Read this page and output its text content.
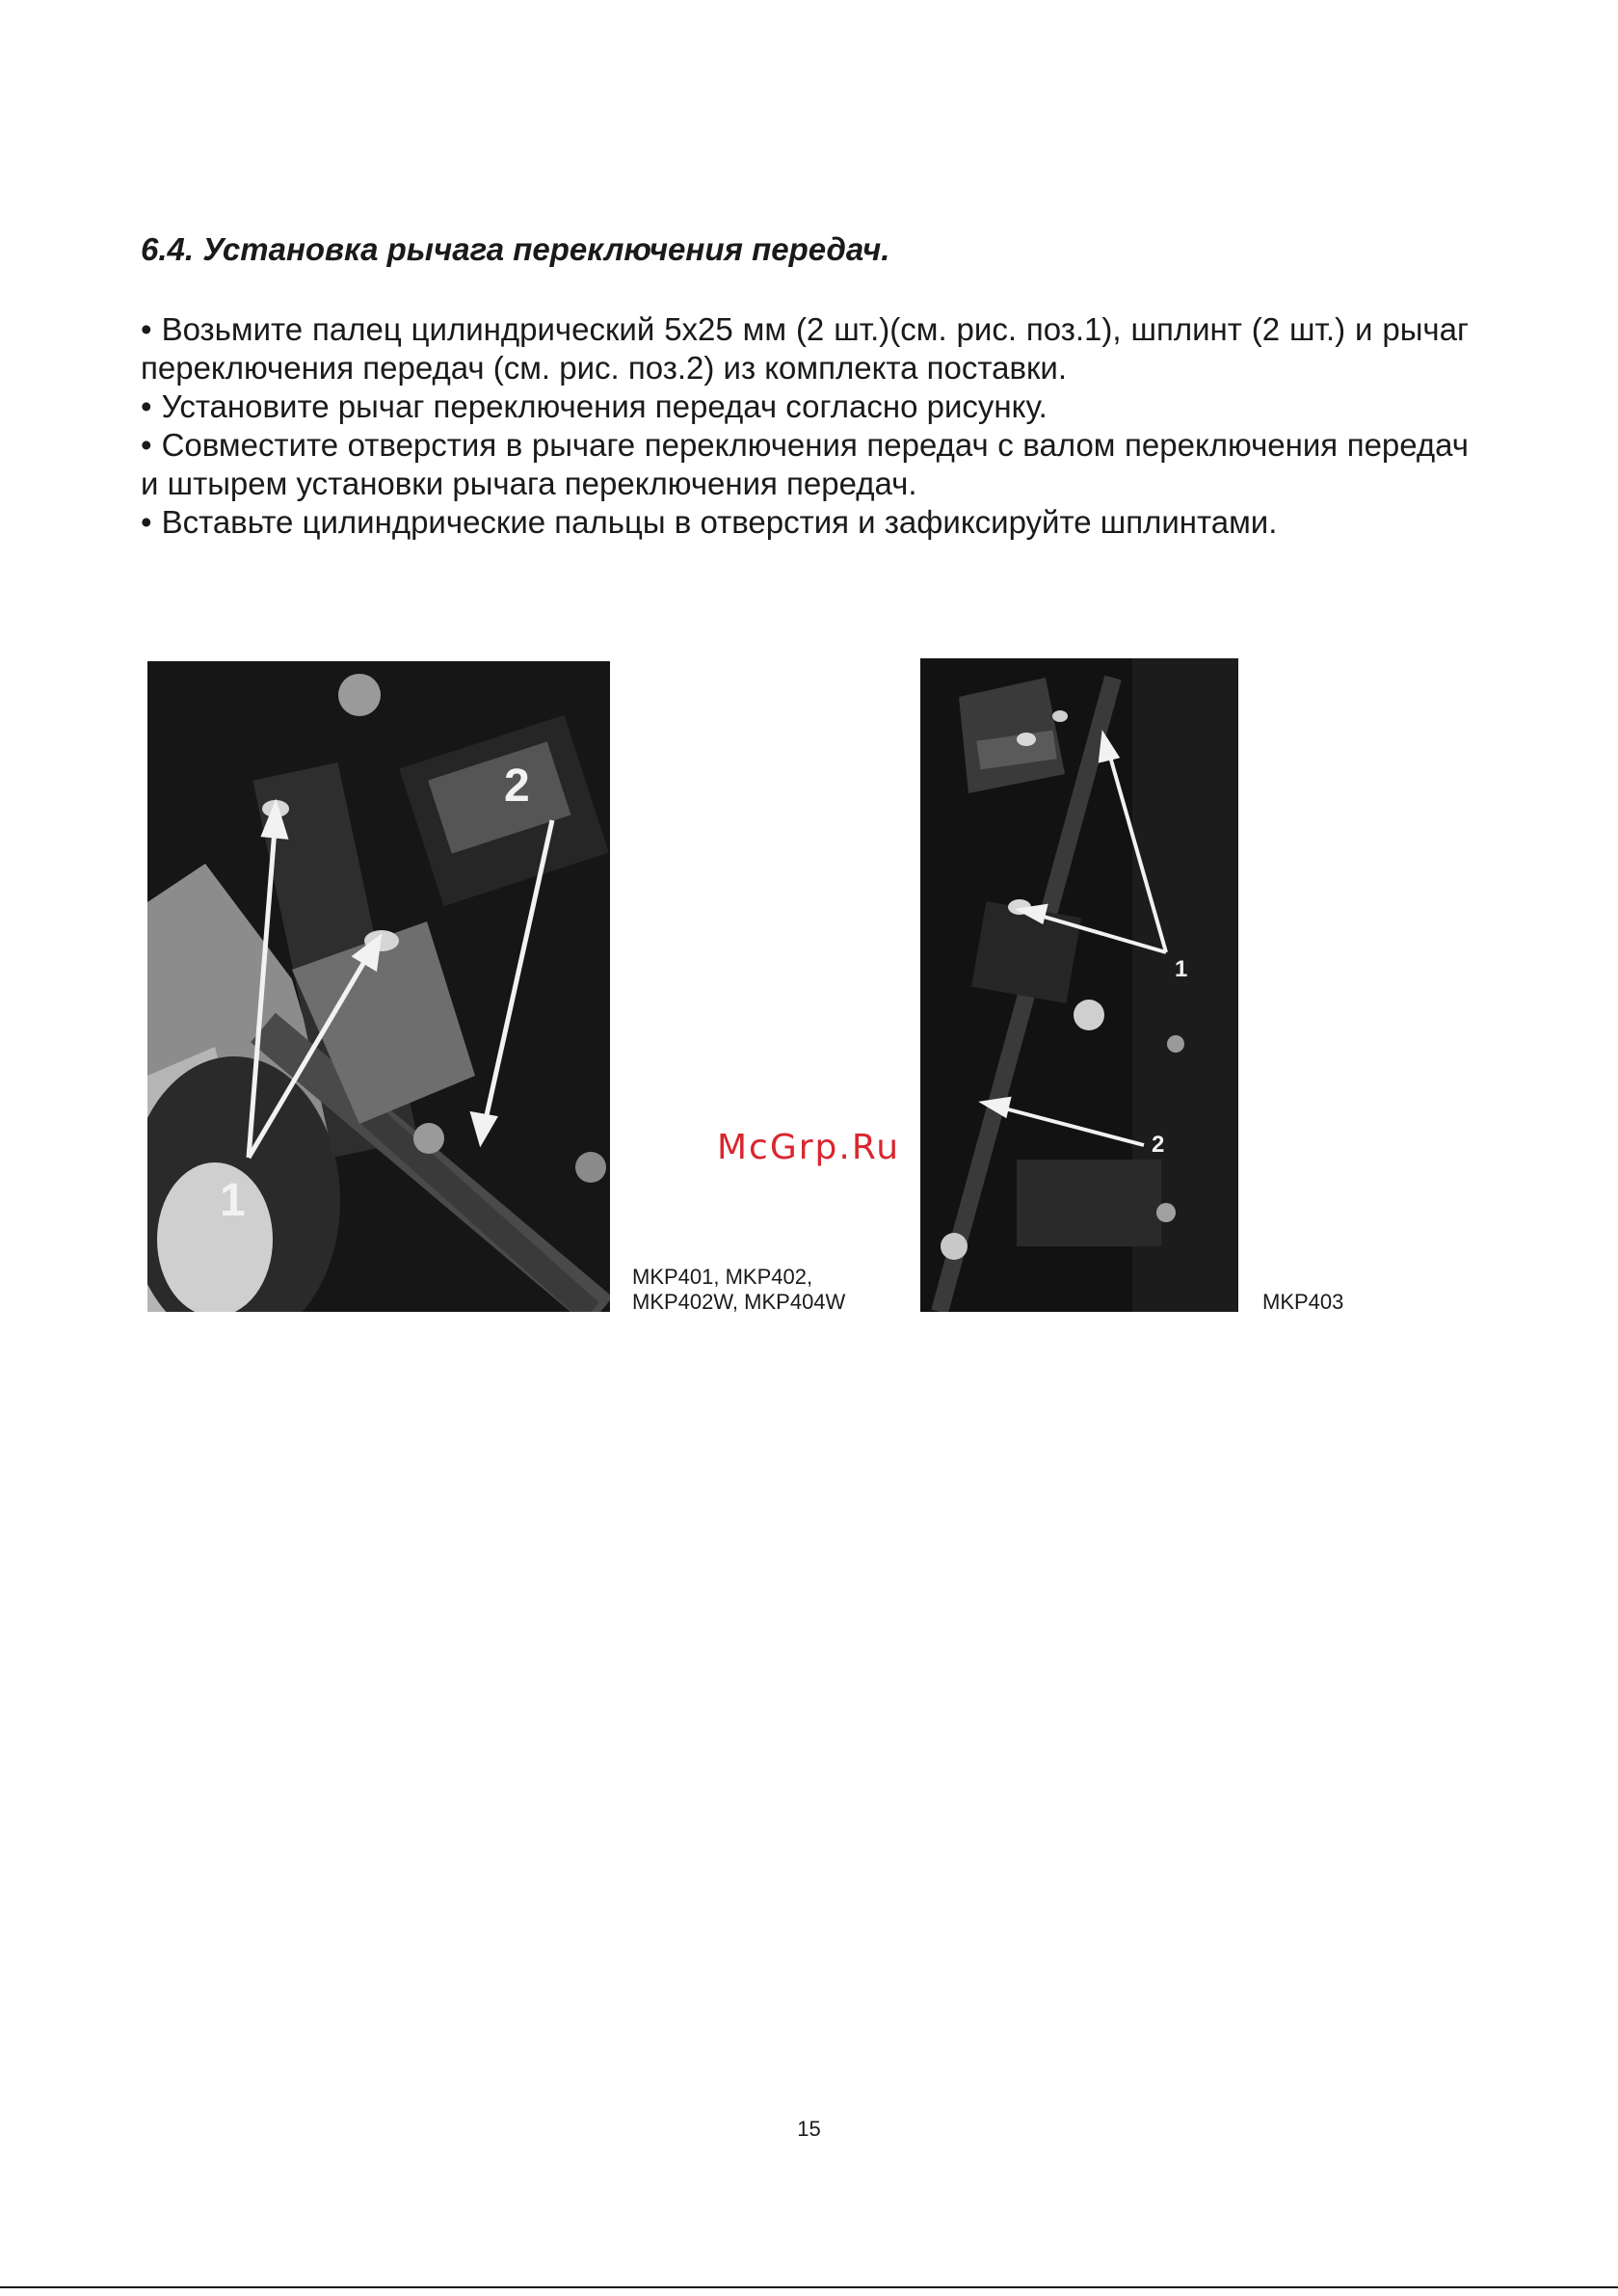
6.4. Установка рычага переключения передач.

• Возьмите палец цилиндрический 5х25 мм (2 шт.)(см. рис. поз.1), шплинт (2 шт.) и рычаг переключения передач (см. рис. поз.2) из комплекта поставки.

• Установите рычаг переключения передач согласно рисунку.

• Совместите отверстия в рычаге переключения передач с валом переключения передач и штырем установки рычага переключения передач.

• Вставьте цилиндрические пальцы в отверстия и зафиксируйте шплинтами.

2
1
MKP401, MKP402,
MKP402W, MKP404W
1
2
MKP403
McGrp.Ru
15
